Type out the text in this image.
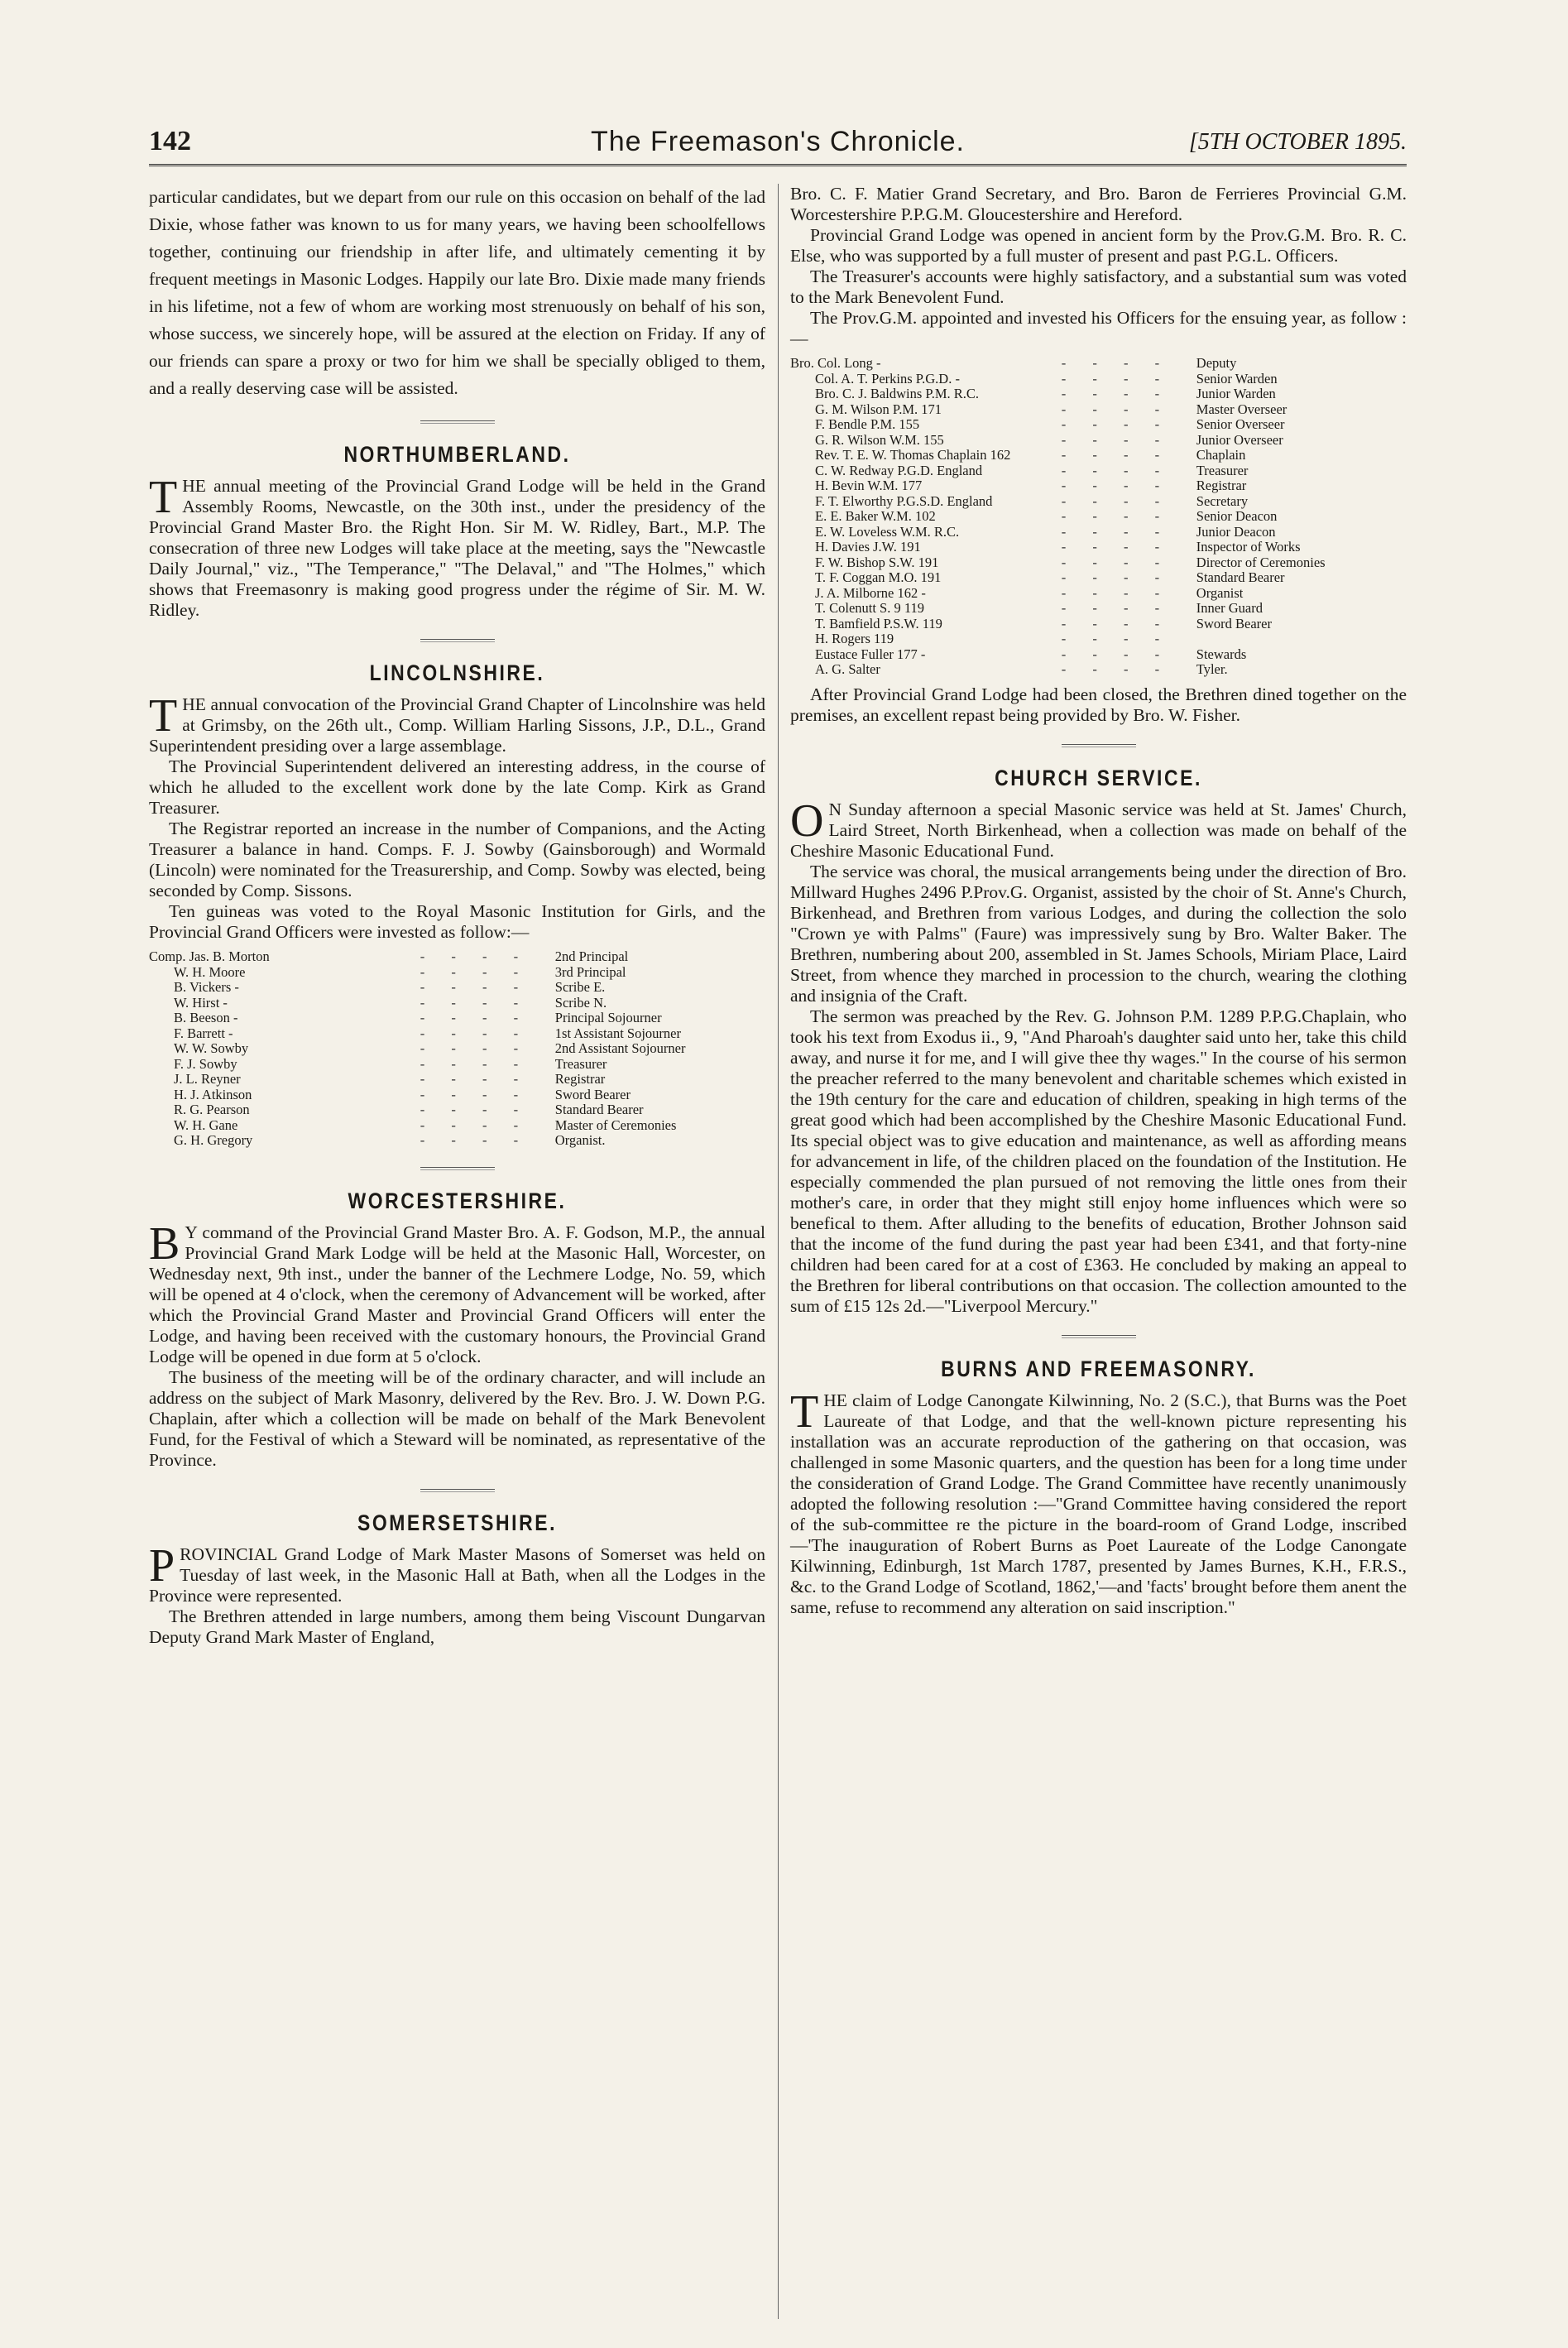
142	The Freemason's Chronicle.	[5TH OCTOBER 1895.

particular candidates, but we depart from our rule on this occasion on behalf of the lad Dixie, whose father was known to us for many years, we having been schoolfellows together, continuing our friendship in after life, and ultimately cementing it by frequent meetings in Masonic Lodges. Happily our late Bro. Dixie made many friends in his lifetime, not a few of whom are working most strenuously on behalf of his son, whose success, we sincerely hope, will be assured at the election on Friday. If any of our friends can spare a proxy or two for him we shall be specially obliged to them, and a really deserving case will be assisted.

NORTHUMBERLAND.

THE annual meeting of the Provincial Grand Lodge will be held in the Grand Assembly Rooms, Newcastle, on the 30th inst., under the presidency of the Provincial Grand Master Bro. the Right Hon. Sir M. W. Ridley, Bart., M.P. The consecration of three new Lodges will take place at the meeting, says the "Newcastle Daily Journal," viz., "The Temperance," "The Delaval," and "The Holmes," which shows that Freemasonry is making good progress under the régime of Sir. M. W. Ridley.

LINCOLNSHIRE.

THE annual convocation of the Provincial Grand Chapter of Lincolnshire was held at Grimsby, on the 26th ult., Comp. William Harling Sissons, J.P., D.L., Grand Superintendent presiding over a large assemblage.

The Provincial Superintendent delivered an interesting address, in the course of which he alluded to the excellent work done by the late Comp. Kirk as Grand Treasurer.

The Registrar reported an increase in the number of Companions, and the Acting Treasurer a balance in hand. Comps. F. J. Sowby (Gainsborough) and Wormald (Lincoln) were nominated for the Treasurership, and Comp. Sowby was elected, being seconded by Comp. Sissons.

Ten guineas was voted to the Royal Masonic Institution for Girls, and the Provincial Grand Officers were invested as follow:—

Comp. Jas. B. Morton	- - - -	2nd Principal
W. H. Moore	- - - -	3rd Principal
B. Vickers -	- - - -	Scribe E.
W. Hirst -	- - - -	Scribe N.
B. Beeson -	- - - -	Principal Sojourner
F. Barrett -	- - - -	1st Assistant Sojourner
W. W. Sowby	- - - -	2nd Assistant Sojourner
F. J. Sowby	- - - -	Treasurer
J. L. Reyner	- - - -	Registrar
H. J. Atkinson	- - - -	Sword Bearer
R. G. Pearson	- - - -	Standard Bearer
W. H. Gane	- - - -	Master of Ceremonies
G. H. Gregory	- - - -	Organist.
WORCESTERSHIRE.

B Y command of the Provincial Grand Master Bro. A. F. Godson, M.P., the annual Provincial Grand Mark Lodge will be held at the Masonic Hall, Worcester, on Wednesday next, 9th inst., under the banner of the Lechmere Lodge, No. 59, which will be opened at 4 o'clock, when the ceremony of Advancement will be worked, after which the Provincial Grand Master and Provincial Grand Officers will enter the Lodge, and having been received with the customary honours, the Provincial Grand Lodge will be opened in due form at 5 o'clock.

The business of the meeting will be of the ordinary character, and will include an address on the subject of Mark Masonry, delivered by the Rev. Bro. J. W. Down P.G. Chaplain, after which a collection will be made on behalf of the Mark Benevolent Fund, for the Festival of which a Steward will be nominated, as representative of the Province.

SOMERSETSHIRE.

PROVINCIAL Grand Lodge of Mark Master Masons of Somerset was held on Tuesday of last week, in the Masonic Hall at Bath, when all the Lodges in the Province were represented.

The Brethren attended in large numbers, among them being Viscount Dungarvan Deputy Grand Mark Master of England,

Bro. C. F. Matier Grand Secretary, and Bro. Baron de Ferrieres Provincial G.M. Worcestershire P.P.G.M. Gloucestershire and Hereford.

Provincial Grand Lodge was opened in ancient form by the Prov.G.M. Bro. R. C. Else, who was supported by a full muster of present and past P.G.L. Officers.

The Treasurer's accounts were highly satisfactory, and a substantial sum was voted to the Mark Benevolent Fund.

The Prov.G.M. appointed and invested his Officers for the ensuing year, as follow :—

Bro. Col. Long -	- - - -	Deputy
Col. A. T. Perkins P.G.D. -	- - - -	Senior Warden
Bro. C. J. Baldwins P.M. R.C.	- - - -	Junior Warden
G. M. Wilson P.M. 171	- - - -	Master Overseer
F. Bendle P.M. 155	- - - -	Senior Overseer
G. R. Wilson W.M. 155	- - - -	Junior Overseer
Rev. T. E. W. Thomas Chaplain 162	- - - -	Chaplain
C. W. Redway P.G.D. England	- - - -	Treasurer
H. Bevin W.M. 177	- - - -	Registrar
F. T. Elworthy P.G.S.D. England	- - - -	Secretary
E. E. Baker W.M. 102	- - - -	Senior Deacon
E. W. Loveless W.M. R.C.	- - - -	Junior Deacon
H. Davies J.W. 191	- - - -	Inspector of Works
F. W. Bishop S.W. 191	- - - -	Director of Ceremonies
T. F. Coggan M.O. 191	- - - -	Standard Bearer
J. A. Milborne 162 -	- - - -	Organist
T. Colenutt S. 9 119	- - - -	Inner Guard
T. Bamfield P.S.W. 119	- - - -	Sword Bearer
H. Rogers 119	- - - -	
Eustace Fuller 177 -	- - - -	Stewards
A. G. Salter	- - - -	Tyler.

After Provincial Grand Lodge had been closed, the Brethren dined together on the premises, an excellent repast being provided by Bro. W. Fisher.

CHURCH SERVICE.

O N Sunday afternoon a special Masonic service was held at St. James' Church, Laird Street, North Birkenhead, when a collection was made on behalf of the Cheshire Masonic Educational Fund.

The service was choral, the musical arrangements being under the direction of Bro. Millward Hughes 2496 P.Prov.G. Organist, assisted by the choir of St. Anne's Church, Birkenhead, and Brethren from various Lodges, and during the collection the solo "Crown ye with Palms" (Faure) was impressively sung by Bro. Walter Baker. The Brethren, numbering about 200, assembled in St. James Schools, Miriam Place, Laird Street, from whence they marched in procession to the church, wearing the clothing and insignia of the Craft.

The sermon was preached by the Rev. G. Johnson P.M. 1289 P.P.G.Chaplain, who took his text from Exodus ii., 9, "And Pharoah's daughter said unto her, take this child away, and nurse it for me, and I will give thee thy wages." In the course of his sermon the preacher referred to the many benevolent and charitable schemes which existed in the 19th century for the care and education of children, speaking in high terms of the great good which had been accomplished by the Cheshire Masonic Educational Fund. Its special object was to give education and maintenance, as well as affording means for advancement in life, of the children placed on the foundation of the Institution. He especially commended the plan pursued of not removing the little ones from their mother's care, in order that they might still enjoy home influences which were so benefical to them. After alluding to the benefits of education, Brother Johnson said that the income of the fund during the past year had been £341, and that forty-nine children had been cared for at a cost of £363. He concluded by making an appeal to the Brethren for liberal contributions on that occasion. The collection amounted to the sum of £15 12s 2d.—"Liverpool Mercury."

BURNS AND FREEMASONRY.

THE claim of Lodge Canongate Kilwinning, No. 2 (S.C.), that Burns was the Poet Laureate of that Lodge, and that the well-known picture representing his installation was an accurate reproduction of the gathering on that occasion, was challenged in some Masonic quarters, and the question has been for a long time under the consideration of Grand Lodge. The Grand Committee have recently unanimously adopted the following resolution :—"Grand Committee having considered the report of the sub-committee re the picture in the board-room of Grand Lodge, inscribed—'The inauguration of Robert Burns as Poet Laureate of the Lodge Canongate Kilwinning, Edinburgh, 1st March 1787, presented by James Burnes, K.H., F.R.S., &c. to the Grand Lodge of Scotland, 1862,'—and 'facts' brought before them anent the same, refuse to recommend any alteration on said inscription."
